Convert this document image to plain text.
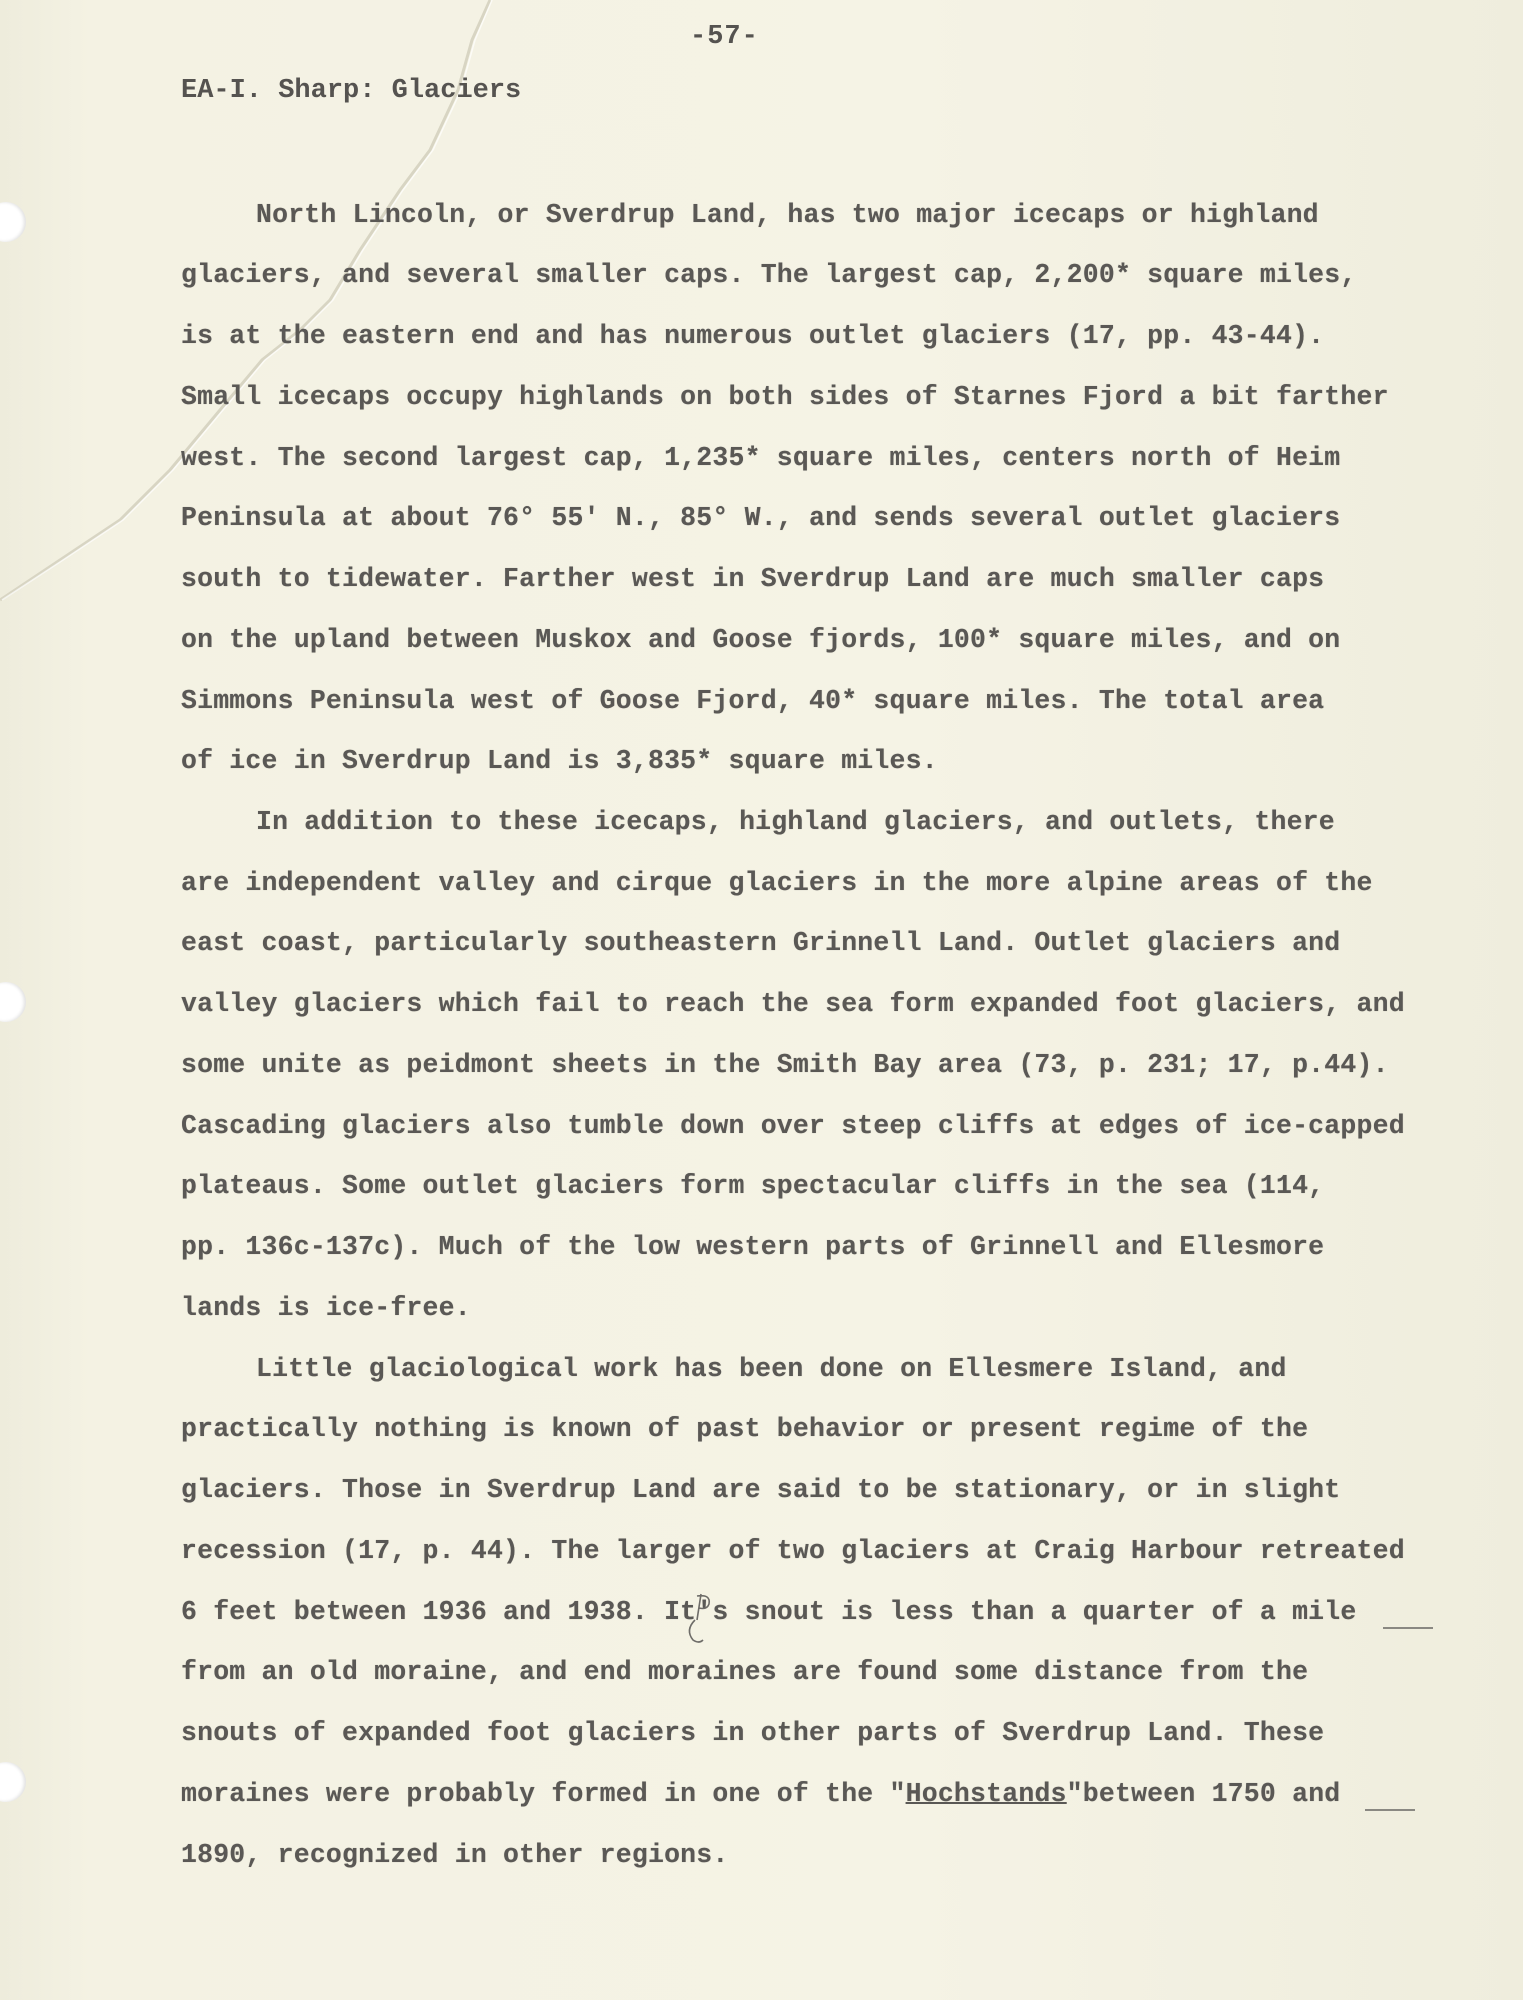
-57-
EA-I. Sharp: Glaciers
North Lincoln, or Sverdrup Land, has two major icecaps or highland
glaciers, and several smaller caps. The largest cap, 2,200* square miles,
is at the eastern end and has numerous outlet glaciers (17, pp. 43-44).
Small icecaps occupy highlands on both sides of Starnes Fjord a bit farther
west. The second largest cap, 1,235* square miles, centers north of Heim
Peninsula at about 76° 55' N., 85° W., and sends several outlet glaciers
south to tidewater. Farther west in Sverdrup Land are much smaller caps
on the upland between Muskox and Goose fjords, 100* square miles, and on
Simmons Peninsula west of Goose Fjord, 40* square miles. The total area
of ice in Sverdrup Land is 3,835* square miles.
In addition to these icecaps, highland glaciers, and outlets, there
are independent valley and cirque glaciers in the more alpine areas of the
east coast, particularly southeastern Grinnell Land. Outlet glaciers and
valley glaciers which fail to reach the sea form expanded foot glaciers, and
some unite as peidmont sheets in the Smith Bay area (73, p. 231; 17, p.44).
Cascading glaciers also tumble down over steep cliffs at edges of ice-capped
plateaus. Some outlet glaciers form spectacular cliffs in the sea (114,
pp. 136c-137c). Much of the low western parts of Grinnell and Ellesmore
lands is ice-free.
Little glaciological work has been done on Ellesmere Island, and
practically nothing is known of past behavior or present regime of the
glaciers. Those in Sverdrup Land are said to be stationary, or in slight
recession (17, p. 44). The larger of two glaciers at Craig Harbour retreated
6 feet between 1936 and 1938. It's snout is less than a quarter of a mile
from an old moraine, and end moraines are found some distance from the
snouts of expanded foot glaciers in other parts of Sverdrup Land. These
moraines were probably formed in one of the "Hochstands"between 1750 and
1890, recognized in other regions.
